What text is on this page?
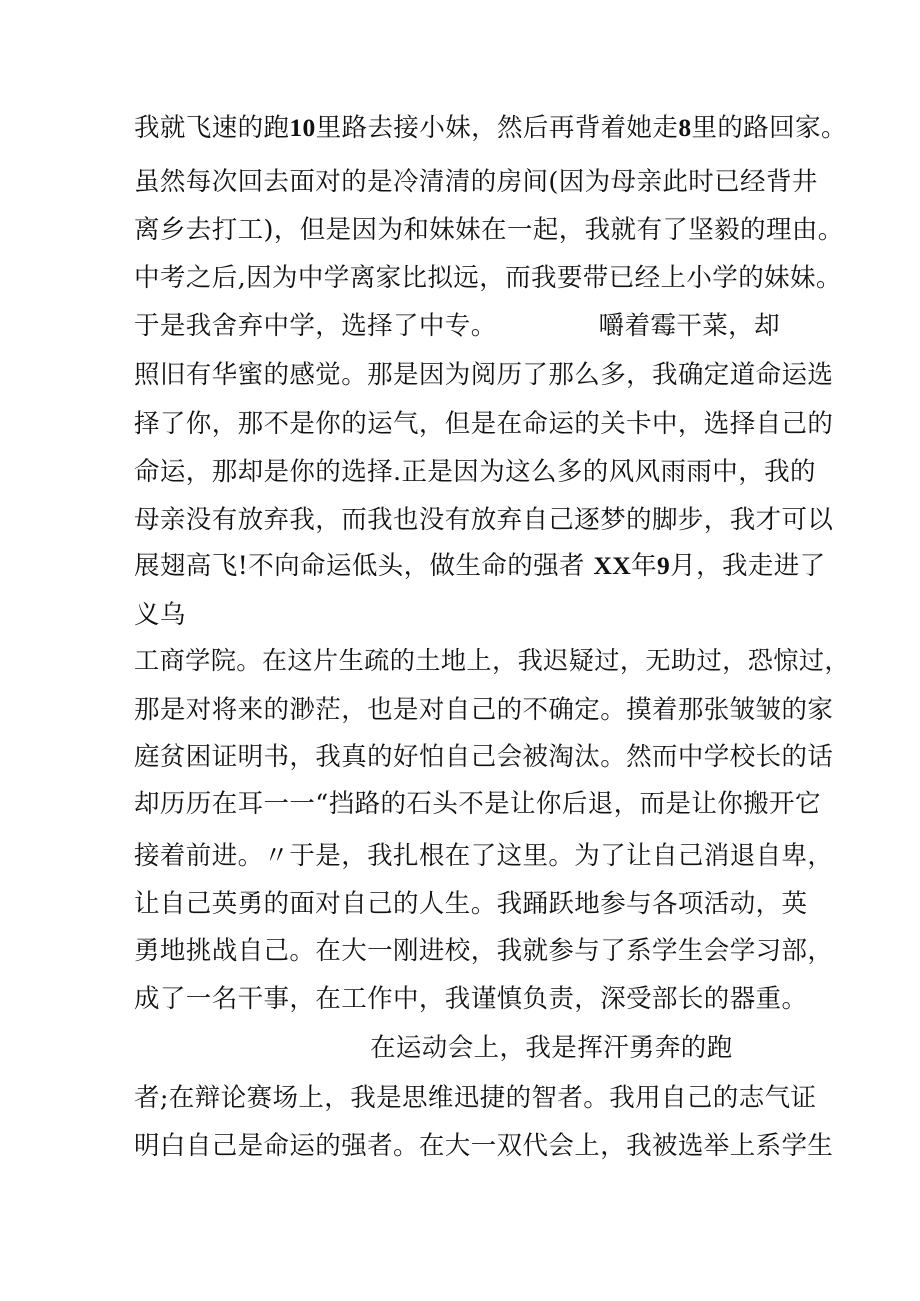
我就飞速的跑10里路去接小妹，然后再背着她走8里的路回家。
虽然每次回去面对的是冷清清的房间(因为母亲此时已经背井
离乡去打工)，但是因为和妹妹在一起，我就有了坚毅的理由。
中考之后,因为中学离家比拟远，而我要带已经上小学的妹妹。
于是我舍弃中学，选择了中专。            嚼着霉干菜，却
照旧有华蜜的感觉。那是因为阅历了那么多，我确定道命运选
择了你，那不是你的运气，但是在命运的关卡中，选择自己的
命运，那却是你的选择.正是因为这么多的风风雨雨中，我的
母亲没有放弃我，而我也没有放弃自己逐梦的脚步，我才可以
展翅高飞!不向命运低头，做生命的强者 XX年9月，我走进了
义乌
工商学院。在这片生疏的土地上，我迟疑过，无助过，恐惊过，
那是对将来的渺茫，也是对自己的不确定。摸着那张皱皱的家
庭贫困证明书，我真的好怕自己会被淘汰。然而中学校长的话
却历历在耳一一“挡路的石头不是让你后退，而是让你搬开它
接着前进。〃于是，我扎根在了这里。为了让自己消退自卑，
让自己英勇的面对自己的人生。我踊跃地参与各项活动，英
勇地挑战自己。在大一刚进校，我就参与了系学生会学习部，
成了一名干事，在工作中，我谨慎负责，深受部长的器重。
在运动会上，我是挥汗勇奔的跑
者;在辩论赛场上，我是思维迅捷的智者。我用自己的志气证
明白自己是命运的强者。在大一双代会上，我被选举上系学生
